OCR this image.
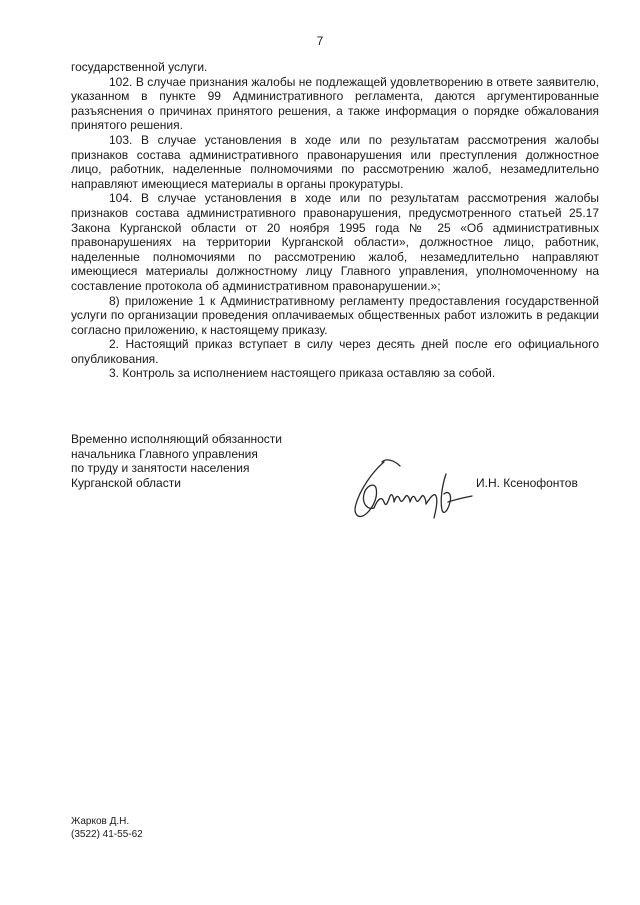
7

государственной услуги.

102. В случае признания жалобы не подлежащей удовлетворению в ответе заявителю, указанном в пункте 99 Административного регламента, даются аргументированные разъяснения о причинах принятого решения, а также информация о порядке обжалования принятого решения.

103. В случае установления в ходе или по результатам рассмотрения жалобы признаков состава административного правонарушения или преступления должностное лицо, работник, наделенные полномочиями по рассмотрению жалоб, незамедлительно направляют имеющиеся материалы в органы прокуратуры.

104. В случае установления в ходе или по результатам рассмотрения жалобы признаков состава административного правонарушения, предусмотренного статьей 25.17 Закона Курганской области от 20 ноября 1995 года № 25 «Об административных правонарушениях на территории Курганской области», должностное лицо, работник, наделенные полномочиями по рассмотрению жалоб, незамедлительно направляют имеющиеся материалы должностному лицу Главного управления, уполномоченному на составление протокола об административном правонарушении.»;

8) приложение 1 к Административному регламенту предоставления государственной услуги по организации проведения оплачиваемых общественных работ изложить в редакции согласно приложению, к настоящему приказу.

2. Настоящий приказ вступает в силу через десять дней после его официального опубликования.

3. Контроль за исполнением настоящего приказа оставляю за собой.

Временно исполняющий обязанности
начальника Главного управления
по труду и занятости населения
Курганской области	И.Н. Ксенофонтов
Жарков Д.Н.
(3522) 41-55-62
